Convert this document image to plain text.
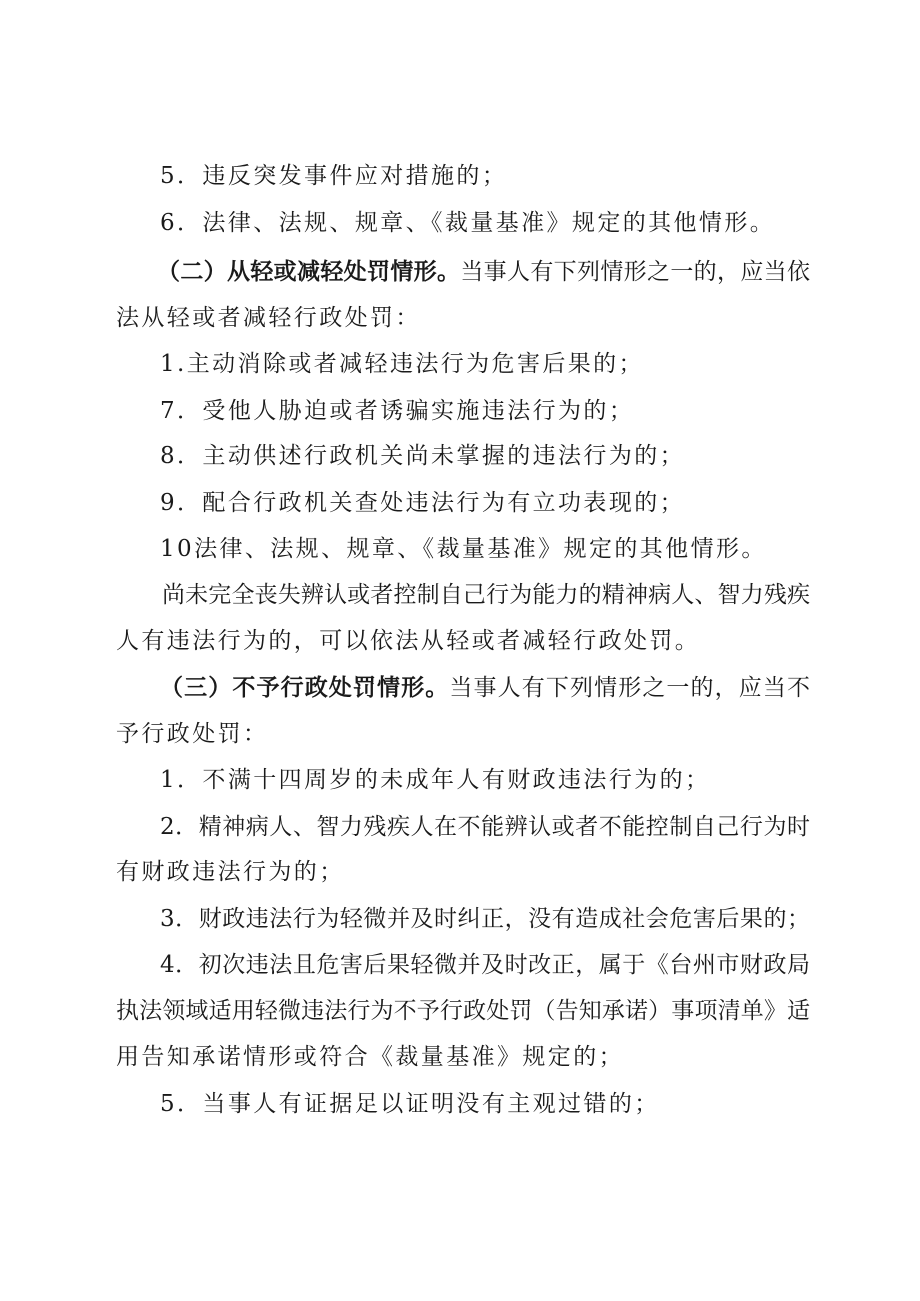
5．违反突发事件应对措施的；
6．法律、法规、规章、《裁量基准》规定的其他情形。
（二）从轻或减轻处罚情形。当事人有下列情形之一的，应当依
法从轻或者减轻行政处罚：
1.主动消除或者减轻违法行为危害后果的；
7．受他人胁迫或者诱骗实施违法行为的；
8．主动供述行政机关尚未掌握的违法行为的；
9．配合行政机关查处违法行为有立功表现的；
10法律、法规、规章、《裁量基准》规定的其他情形。
尚未完全丧失辨认或者控制自己行为能力的精神病人、智力残疾
人有违法行为的，可以依法从轻或者减轻行政处罚。
（三）不予行政处罚情形。当事人有下列情形之一的，应当不
予行政处罚：
1．不满十四周岁的未成年人有财政违法行为的；
2．精神病人、智力残疾人在不能辨认或者不能控制自己行为时
有财政违法行为的；
3．财政违法行为轻微并及时纠正，没有造成社会危害后果的；
4．初次违法且危害后果轻微并及时改正，属于《台州市财政局
执法领域适用轻微违法行为不予行政处罚（告知承诺）事项清单》适
用告知承诺情形或符合《裁量基准》规定的；
5．当事人有证据足以证明没有主观过错的；
